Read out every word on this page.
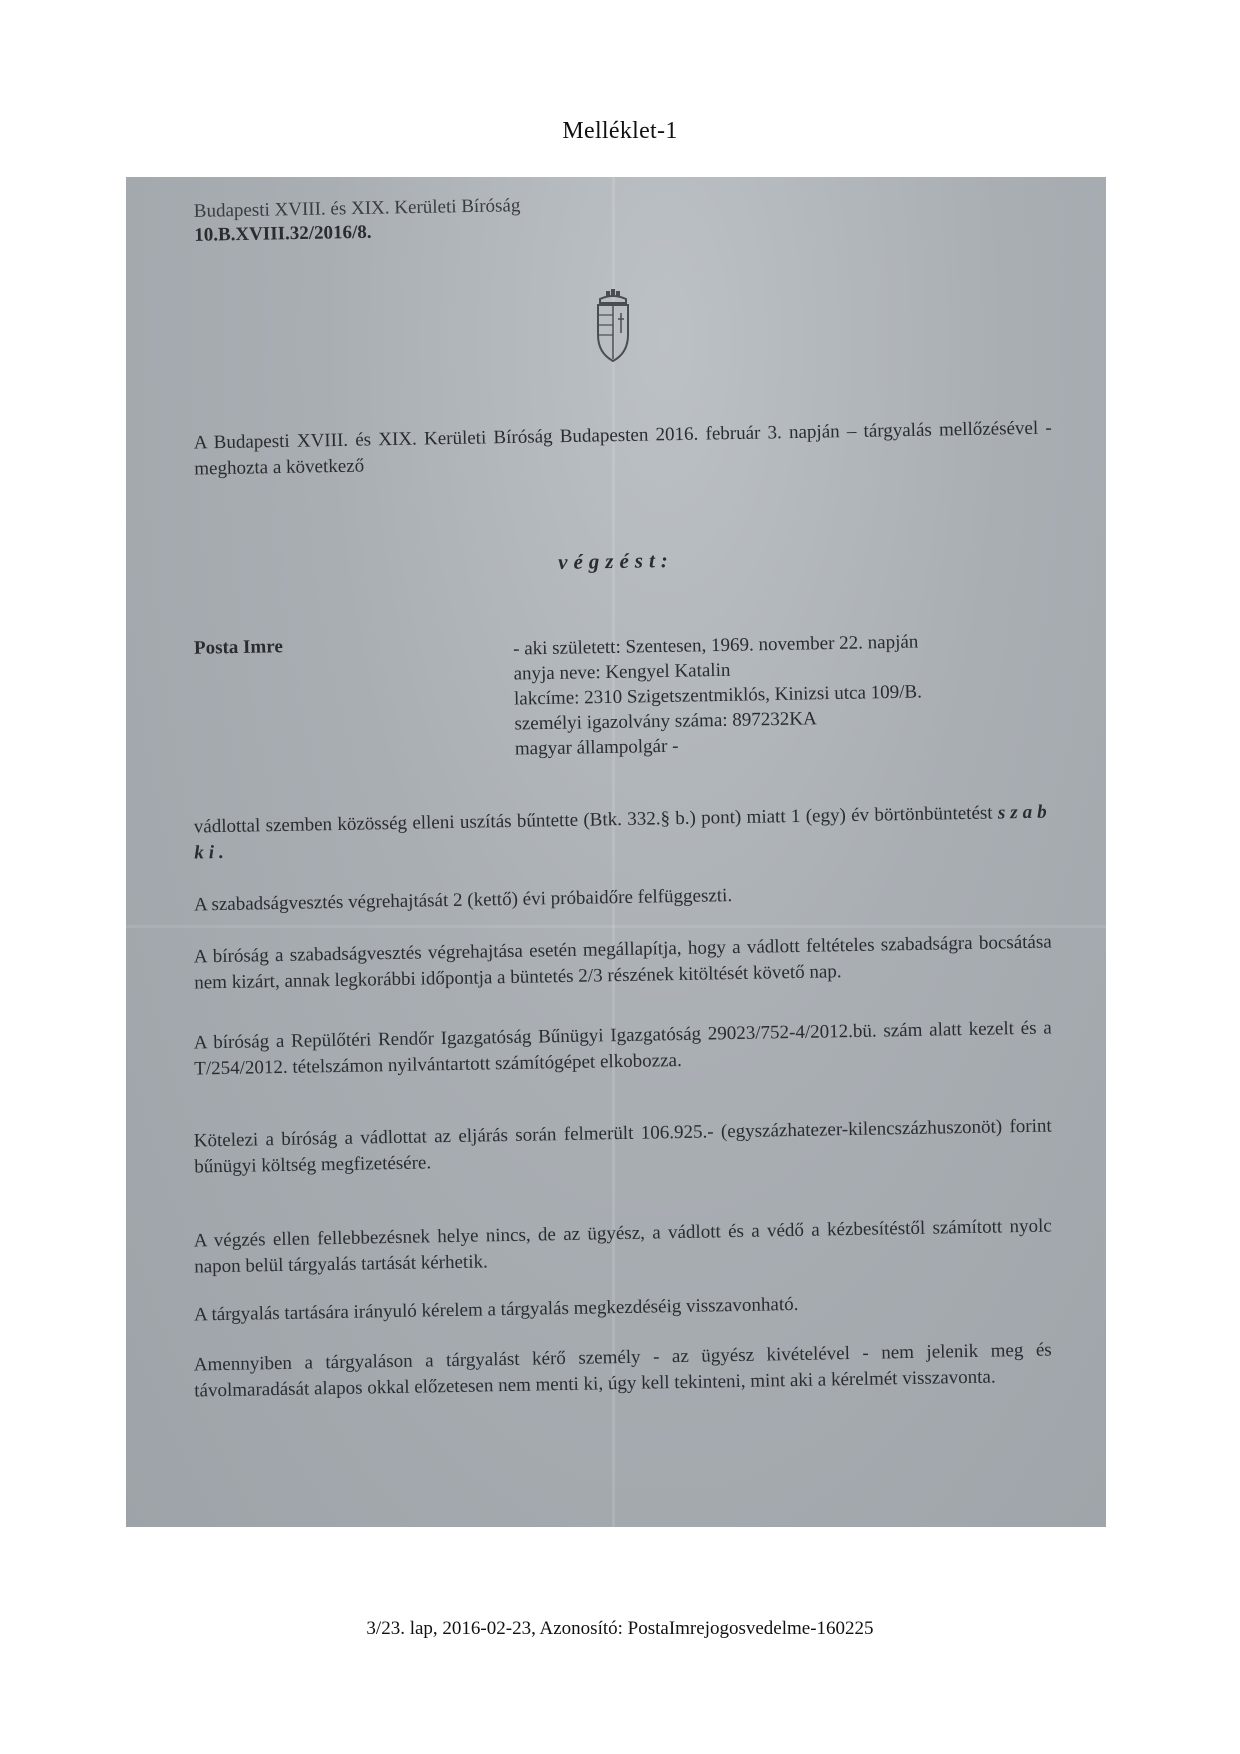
Melléklet-1
Budapesti XVIII. és XIX. Kerületi Bíróság
10.B.XVIII.32/2016/8.
A Budapesti XVIII. és XIX. Kerületi Bíróság Budapesten 2016. február 3. napján – tárgyalás mellőzésével - meghozta a következő
végzést:
Posta Imre	- aki született: Szentesen, 1969. november 22. napján
anyja neve: Kengyel Katalin
lakcíme: 2310 Szigetszentmiklós, Kinizsi utca 109/B.
személyi igazolvány száma: 897232KA
magyar állampolgár -
vádlottal szemben közösség elleni uszítás bűntette (Btk. 332.§ b.) pont) miatt 1 (egy) év börtönbüntetést szab ki.
A szabadságvesztés végrehajtását 2 (kettő) évi próbaidőre felfüggeszti.
A bíróság a szabadságvesztés végrehajtása esetén megállapítja, hogy a vádlott feltételes szabadságra bocsátása nem kizárt, annak legkorábbi időpontja a büntetés 2/3 részének kitöltését követő nap.
A bíróság a Repülőtéri Rendőr Igazgatóság Bűnügyi Igazgatóság 29023/752-4/2012.bü. szám alatt kezelt és a T/254/2012. tételszámon nyilvántartott számítógépet elkobozza.
Kötelezi a bíróság a vádlottat az eljárás során felmerült 106.925.- (egyszázhatezer-kilencszázhuszonöt) forint bűnügyi költség megfizetésére.
A végzés ellen fellebbezésnek helye nincs, de az ügyész, a vádlott és a védő a kézbesítéstől számított nyolc napon belül tárgyalás tartását kérhetik.
A tárgyalás tartására irányuló kérelem a tárgyalás megkezdéséig visszavonható.
Amennyiben a tárgyaláson a tárgyalást kérő személy - az ügyész kivételével - nem jelenik meg és távolmaradását alapos okkal előzetesen nem menti ki, úgy kell tekinteni, mint aki a kérelmét visszavonta.
3/23. lap, 2016-02-23, Azonosító: PostaImrejogosvedelme-160225
